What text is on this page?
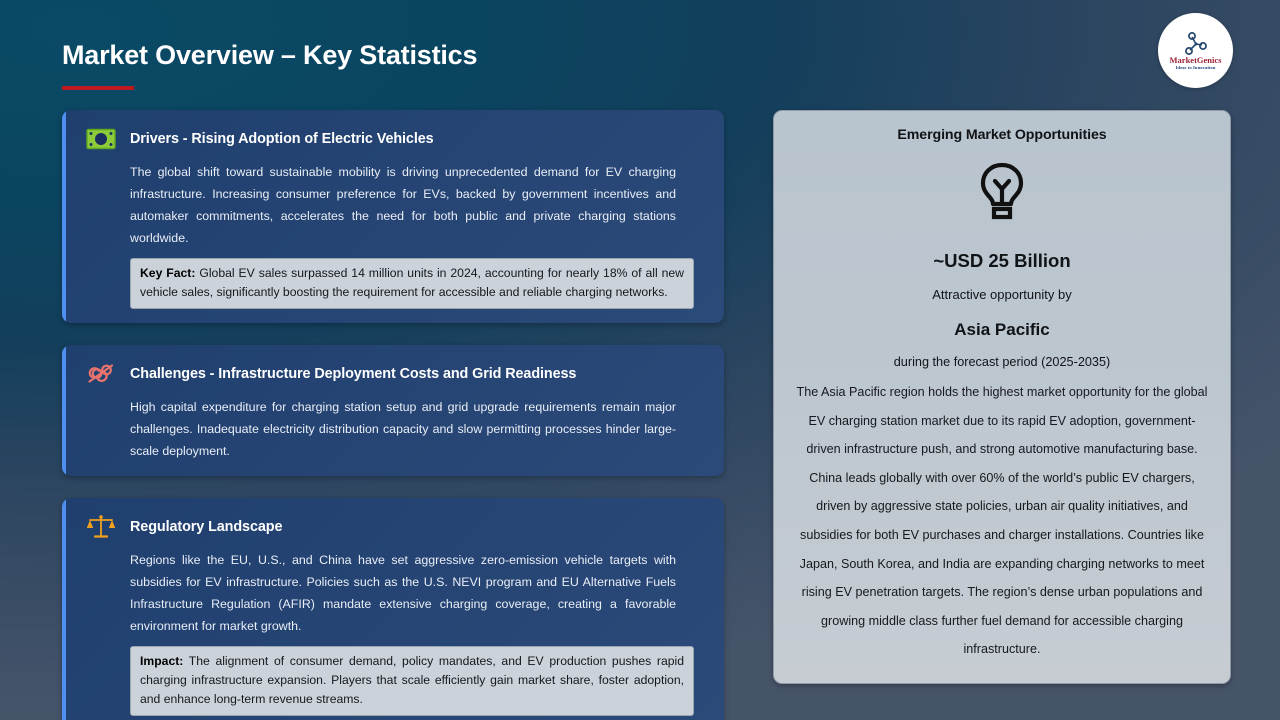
Market Overview – Key Statistics	MarketGenics
Ideas to Innovation
Drivers - Rising Adoption of Electric Vehicles
The global shift toward sustainable mobility is driving unprecedented demand for EV charging infrastructure. Increasing consumer preference for EVs, backed by government incentives and automaker commitments, accelerates the need for both public and private charging stations worldwide.
Key Fact: Global EV sales surpassed 14 million units in 2024, accounting for nearly 18% of all new vehicle sales, significantly boosting the requirement for accessible and reliable charging networks.
Challenges - Infrastructure Deployment Costs and Grid Readiness
High capital expenditure for charging station setup and grid upgrade requirements remain major challenges. Inadequate electricity distribution capacity and slow permitting processes hinder large-scale deployment.
Regulatory Landscape
Regions like the EU, U.S., and China have set aggressive zero-emission vehicle targets with subsidies for EV infrastructure. Policies such as the U.S. NEVI program and EU Alternative Fuels Infrastructure Regulation (AFIR) mandate extensive charging coverage, creating a favorable environment for market growth.
Impact: The alignment of consumer demand, policy mandates, and EV production pushes rapid charging infrastructure expansion. Players that scale efficiently gain market share, foster adoption, and enhance long-term revenue streams.
Emerging Market Opportunities
~USD 25 Billion
Attractive opportunity by
Asia Pacific
during the forecast period (2025-2035)
The Asia Pacific region holds the highest market opportunity for the global EV charging station market due to its rapid EV adoption, government-driven infrastructure push, and strong automotive manufacturing base. China leads globally with over 60% of the world’s public EV chargers, driven by aggressive state policies, urban air quality initiatives, and subsidies for both EV purchases and charger installations. Countries like Japan, South Korea, and India are expanding charging networks to meet rising EV penetration targets. The region’s dense urban populations and growing middle class further fuel demand for accessible charging infrastructure.
